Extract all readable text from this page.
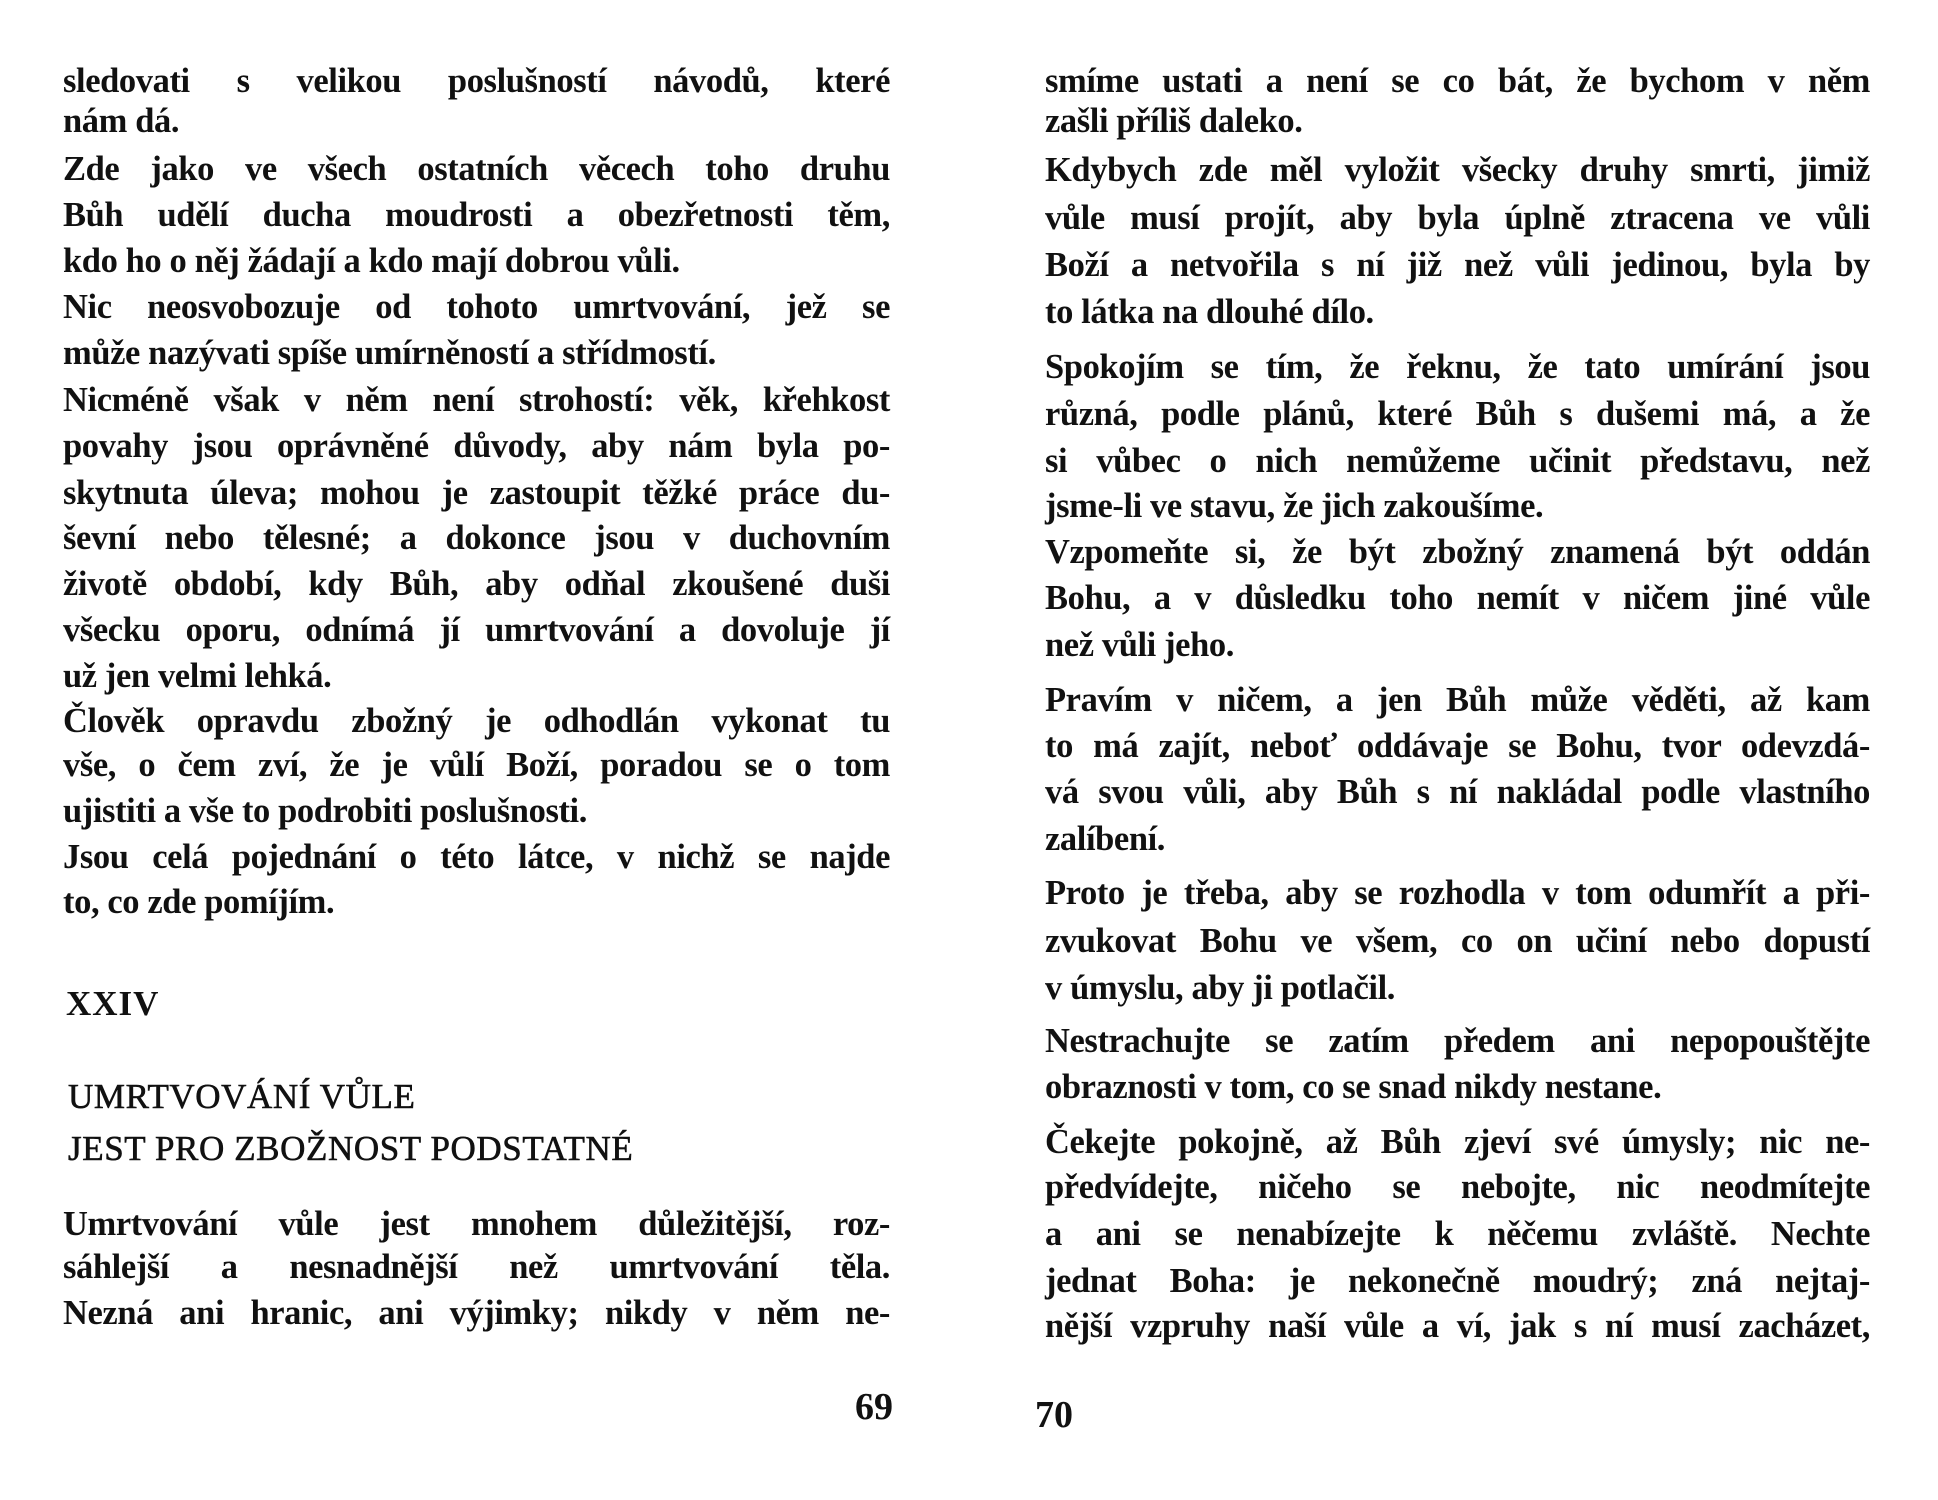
sledovati s velikou poslušností návodů, které
nám dá.
Zde jako ve všech ostatních věcech toho druhu
Bůh udělí ducha moudrosti a obezřetnosti těm,
kdo ho o něj žádají a kdo mají dobrou vůli.
Nic neosvobozuje od tohoto umrtvování, jež se
může nazývati spíše umírněností a střídmostí.
Nicméně však v něm není strohostí: věk, křehkost
povahy jsou oprávněné důvody, aby nám byla po-
skytnuta úleva; mohou je zastoupit těžké práce du-
ševní nebo tělesné; a dokonce jsou v duchovním
životě období, kdy Bůh, aby odňal zkoušené duši
všecku oporu, odnímá jí umrtvování a dovoluje jí
už jen velmi lehká.
Člověk opravdu zbožný je odhodlán vykonat tu
vše, o čem zví, že je vůlí Boží, poradou se o tom
ujistiti a vše to podrobiti poslušnosti.
Jsou celá pojednání o této látce, v nichž se najde
to, co zde pomíjím.
XXIV
UMRTVOVÁNÍ VŮLE
JEST PRO ZBOŽNOST PODSTATNÉ
Umrtvování vůle jest mnohem důležitější, roz-
sáhlejší a nesnadnější než umrtvování těla.
Nezná ani hranic, ani výjimky; nikdy v něm ne-
69
smíme ustati a není se co bát, že bychom v něm
zašli příliš daleko.
Kdybych zde měl vyložit všecky druhy smrti, jimiž
vůle musí projít, aby byla úplně ztracena ve vůli
Boží a netvořila s ní již než vůli jedinou, byla by
to látka na dlouhé dílo.
Spokojím se tím, že řeknu, že tato umírání jsou
různá, podle plánů, které Bůh s dušemi má, a že
si vůbec o nich nemůžeme učinit představu, než
jsme-li ve stavu, že jich zakoušíme.
Vzpomeňte si, že být zbožný znamená být oddán
Bohu, a v důsledku toho nemít v ničem jiné vůle
než vůli jeho.
Pravím v ničem, a jen Bůh může věděti, až kam
to má zajít, neboť oddávaje se Bohu, tvor odevzdá-
vá svou vůli, aby Bůh s ní nakládal podle vlastního
zalíbení.
Proto je třeba, aby se rozhodla v tom odumřít a při-
zvukovat Bohu ve všem, co on učiní nebo dopustí
v úmyslu, aby ji potlačil.
Nestrachujte se zatím předem ani nepopouštějte
obraznosti v tom, co se snad nikdy nestane.
Čekejte pokojně, až Bůh zjeví své úmysly; nic ne-
předvídejte, ničeho se nebojte, nic neodmítejte
a ani se nenabízejte k něčemu zvláště. Nechte
jednat Boha: je nekonečně moudrý; zná nejtaj-
nější vzpruhy naší vůle a ví, jak s ní musí zacházet,
70
